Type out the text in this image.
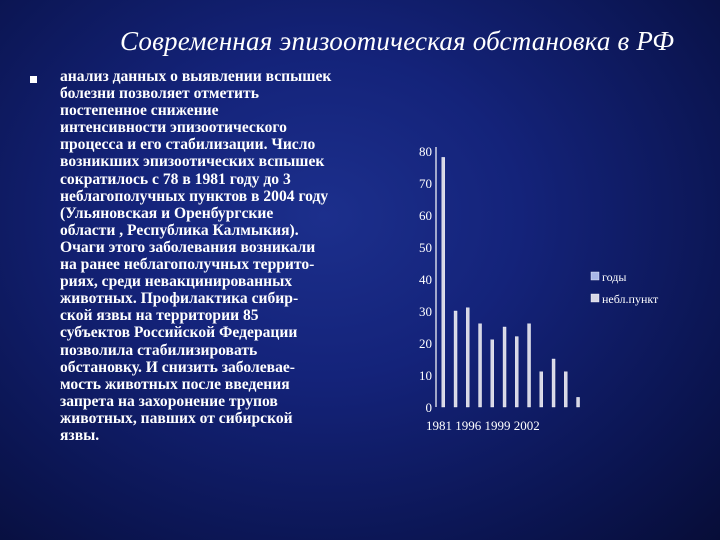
Современная эпизоотическая обстановка в РФ
анализ данных о выявлении вспышек
болезни позволяет отметить
постепенное снижение
интенсивности эпизоотического
процесса и его стабилизации. Число
возникших эпизоотических вспышек
сократилось с 78 в 1981 году до 3
неблагополучных пунктов в 2004 году
(Ульяновская и Оренбургские
области , Республика Калмыкия).
Очаги этого заболевания возникали
на ранее неблагополучных террито-
риях, среди невакцинированных
животных. Профилактика сибир-
ской язвы на территории 85
субъектов Российской Федерации
позволила стабилизировать
обстановку. И снизить заболевае-
мость животных после введения
запрета на захоронение трупов
животных, павших от сибирской
язвы.
0
10
20
30
40
50
60
70
80
1981 1996 1999 2002
годы
небл.пункт
